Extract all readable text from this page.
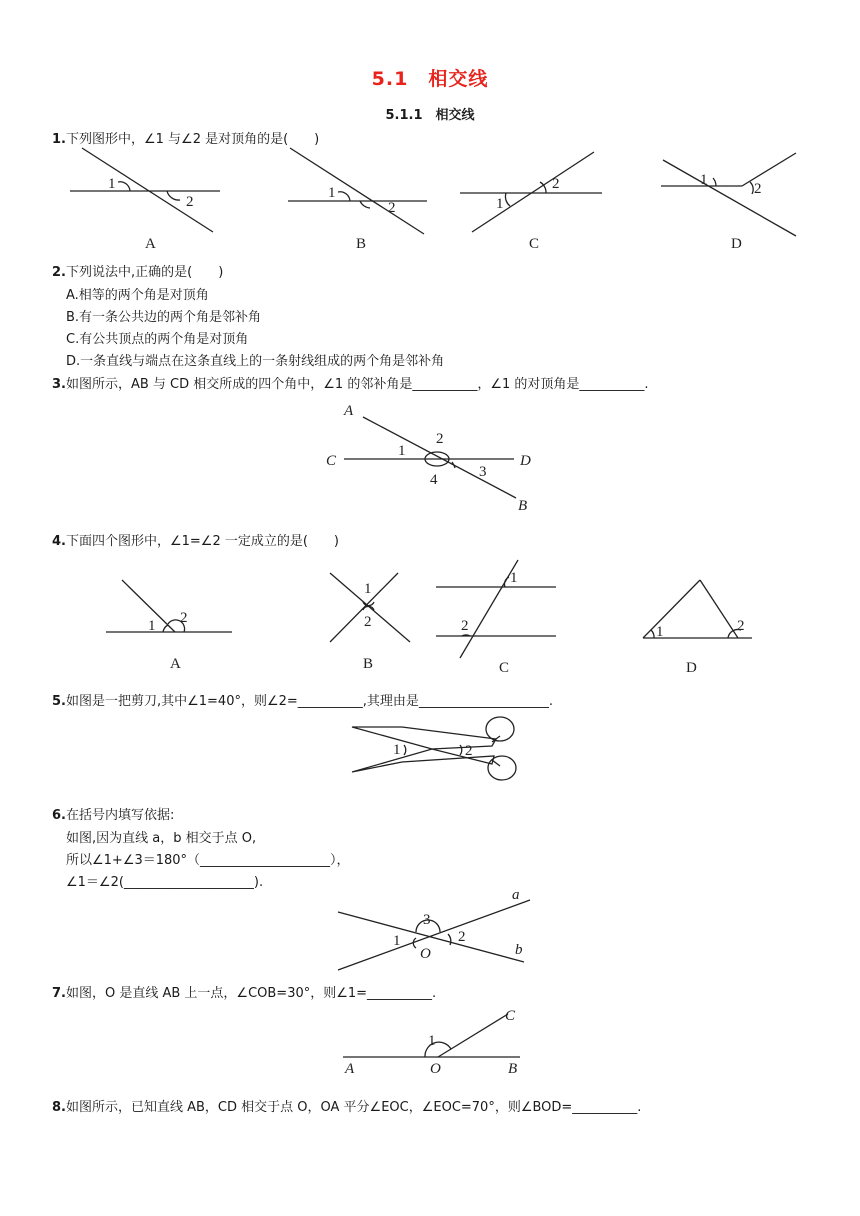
5.1　相交线
5.1.1　相交线
1.下列图形中，∠1 与∠2 是对顶角的是(　　)
1
2
A
1
2
B
1
2
C
1
2
D
2.下列说法中,正确的是(　　)
A.相等的两个角是对顶角
B.有一条公共边的两个角是邻补角
C.有公共顶点的两个角是对顶角
D.一条直线与端点在这条直线上的一条射线组成的两个角是邻补角
3.如图所示，AB 与 CD 相交所成的四个角中，∠1 的邻补角是__________，∠1 的对顶角是__________.
A
C	D
B
1
2
3
4
4.下面四个图形中，∠1=∠2 一定成立的是(　　)
1 2
A
1
2
B
1
2
C
1	2
D
5.如图是一把剪刀,其中∠1=40°，则∠2=__________,其理由是____________________.
1	2
6.在括号内填写依据:
如图,因为直线 a，b 相交于点 O,
所以∠1+∠3＝180°（____________________），
∠1＝∠2(____________________).
a
b
3
1	2
O
7.如图，O 是直线 AB 上一点，∠COB=30°，则∠1=__________.
C
A	O	B
1
8.如图所示，已知直线 AB，CD 相交于点 O，OA 平分∠EOC，∠EOC=70°，则∠BOD=__________.
